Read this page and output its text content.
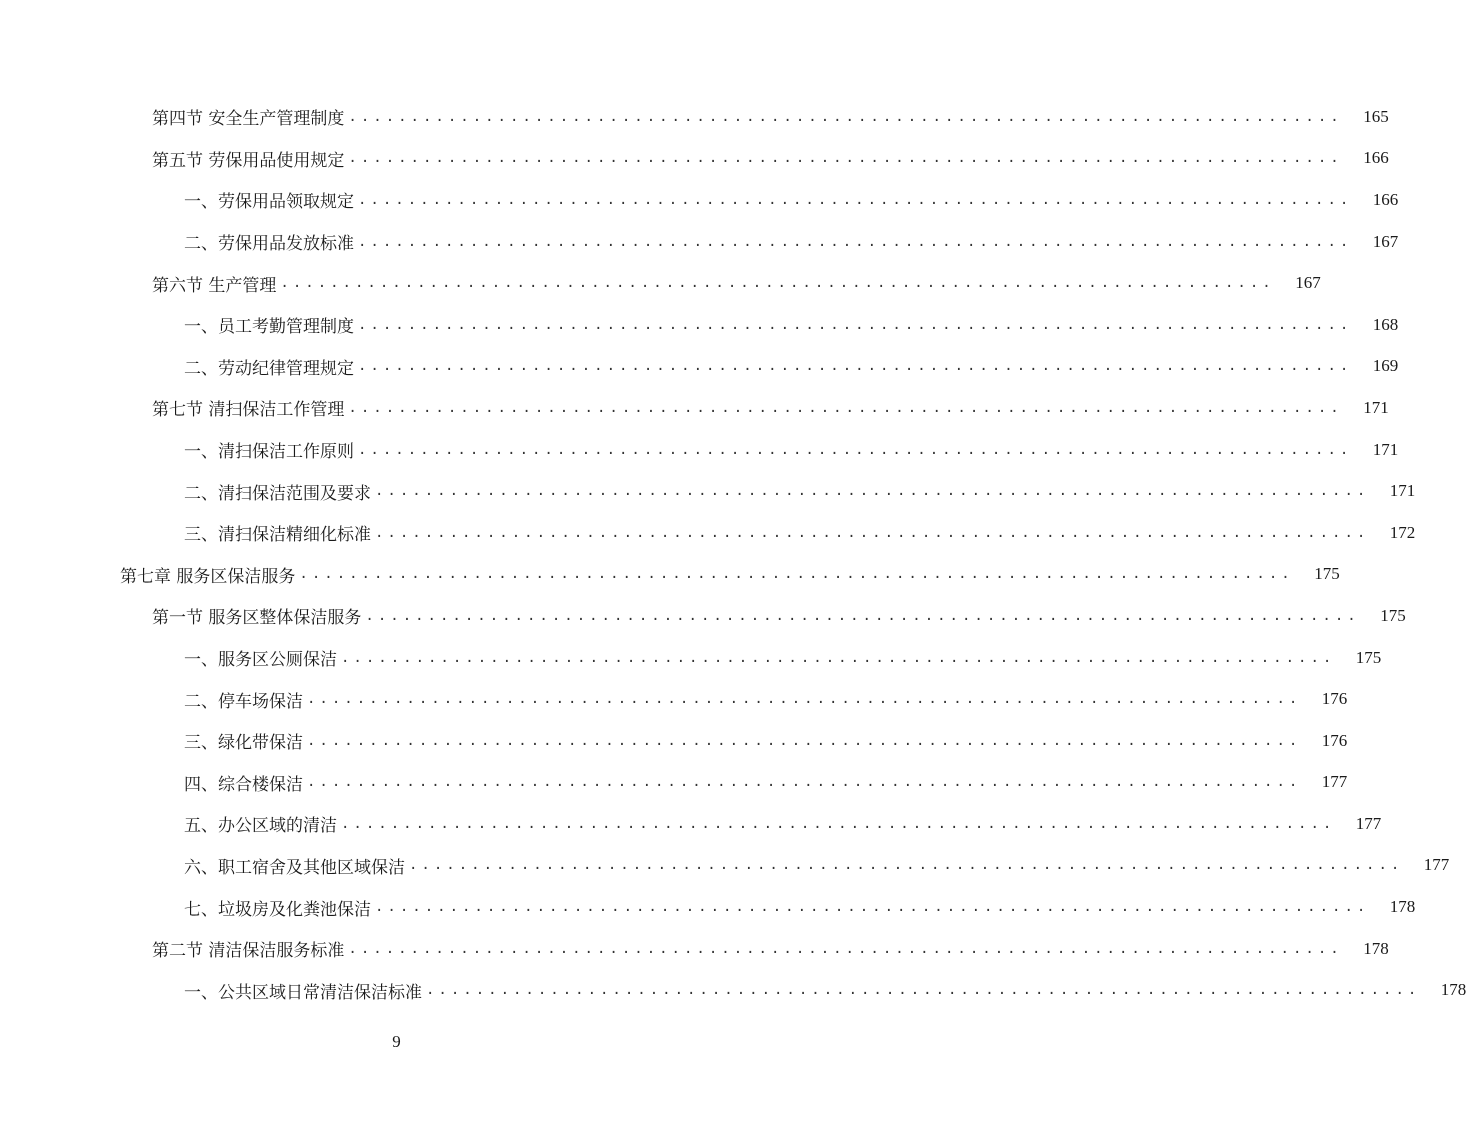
第四节 安全生产管理制度 ................................................................................	165
第五节 劳保用品使用规定 ................................................................................	166
一、劳保用品领取规定 ................................................................................	166
二、劳保用品发放标准 ................................................................................	167
第六节 生产管理 ................................................................................	167
一、员工考勤管理制度 ................................................................................	168
二、劳动纪律管理规定 ................................................................................	169
第七节 清扫保洁工作管理 ................................................................................	171
一、清扫保洁工作原则 ................................................................................	171
二、清扫保洁范围及要求 ................................................................................	171
三、清扫保洁精细化标准 ................................................................................	172
第七章 服务区保洁服务 ................................................................................	175
第一节 服务区整体保洁服务 ................................................................................	175
一、服务区公厕保洁 ................................................................................	175
二、停车场保洁 ................................................................................	176
三、绿化带保洁 ................................................................................	176
四、综合楼保洁 ................................................................................	177
五、办公区域的清洁 ................................................................................	177
六、职工宿舍及其他区域保洁 ................................................................................	177
七、垃圾房及化粪池保洁 ................................................................................	178
第二节 清洁保洁服务标准 ................................................................................	178
一、公共区域日常清洁保洁标准 ................................................................................	178
9
